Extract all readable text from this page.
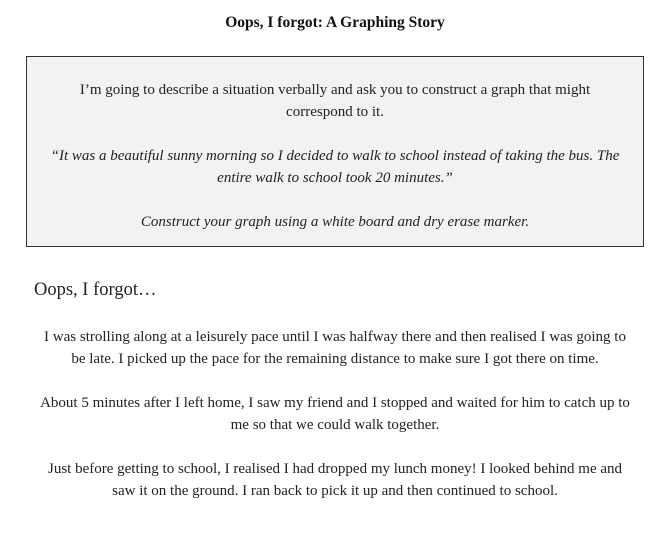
Oops, I forgot: A Graphing Story

I’m going to describe a situation verbally and ask you to construct a graph that might correspond to it.

“It was a beautiful sunny morning so I decided to walk to school instead of taking the bus. The entire walk to school took 20 minutes.”

Construct your graph using a white board and dry erase marker.

Oops, I forgot…

I was strolling along at a leisurely pace until I was halfway there and then realised I was going to be late. I picked up the pace for the remaining distance to make sure I got there on time.

About 5 minutes after I left home, I saw my friend and I stopped and waited for him to catch up to me so that we could walk together.

Just before getting to school, I realised I had dropped my lunch money! I looked behind me and saw it on the ground. I ran back to pick it up and then continued to school.
